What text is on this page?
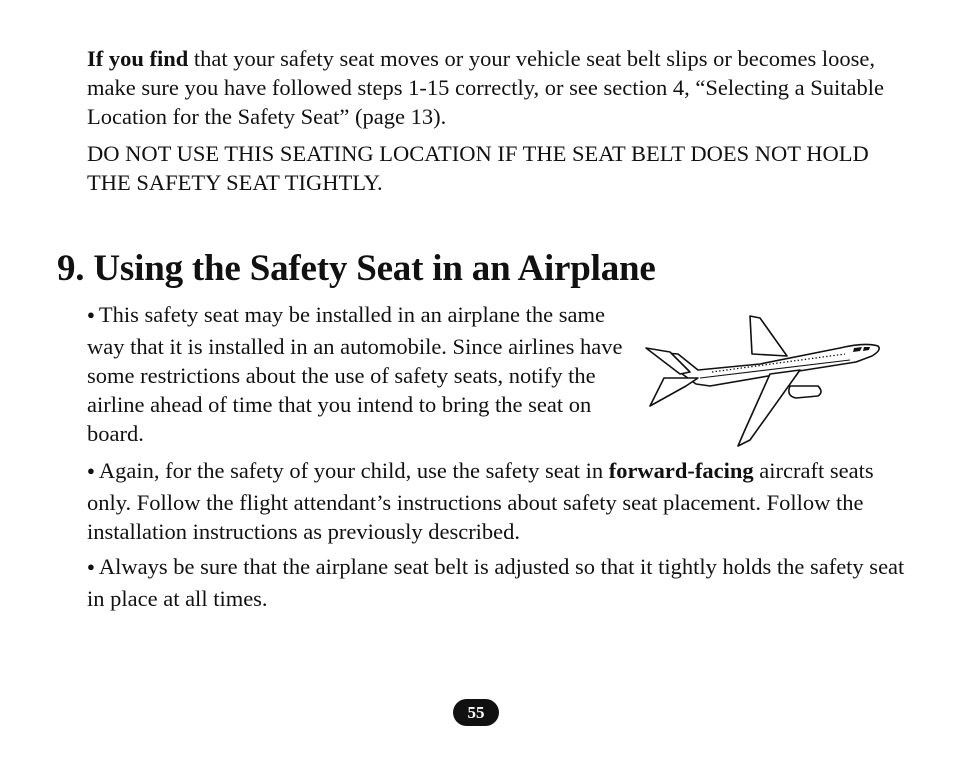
If you find that your safety seat moves or your vehicle seat belt slips or becomes loose, make sure you have followed steps 1-15 correctly, or see section 4, “Selecting a Suitable Location for the Safety Seat” (page 13).

DO NOT USE THIS SEATING LOCATION IF THE SEAT BELT DOES NOT HOLD THE SAFETY SEAT TIGHTLY.

9. Using the Safety Seat in an Airplane

● This safety seat may be installed in an airplane the same way that it is installed in an automobile. Since airlines have some restrictions about the use of safety seats, notify the airline ahead of time that you intend to bring the seat on board.

● Again, for the safety of your child, use the safety seat in forward-facing aircraft seats only. Follow the flight attendant’s instructions about safety seat placement. Follow the installation instructions as previously described.

● Always be sure that the airplane seat belt is adjusted so that it tightly holds the safety seat in place at all times.

55
